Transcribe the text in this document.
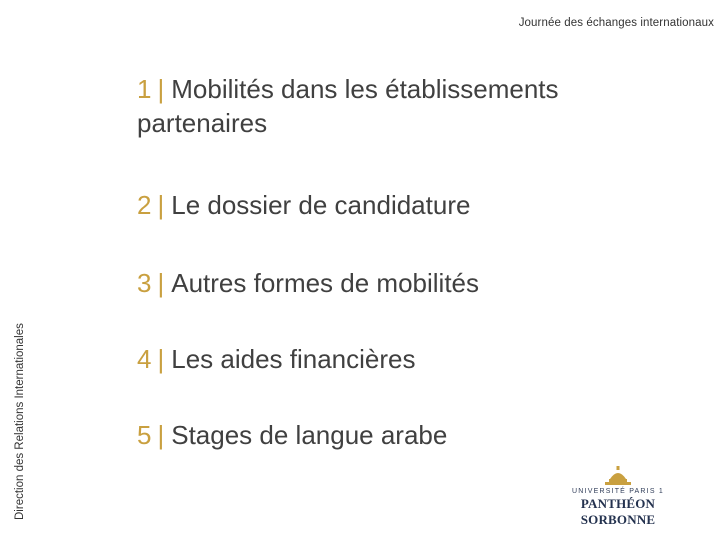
Journée des échanges internationaux
Direction des Relations Internationales
1 | Mobilités dans les établissements
partenaires
2 | Le dossier de candidature
3 | Autres formes de mobilités
4 | Les aides financières
5 | Stages de langue arabe
UNIVERSITÉ PARIS 1
PANTHÉON SORBONNE
